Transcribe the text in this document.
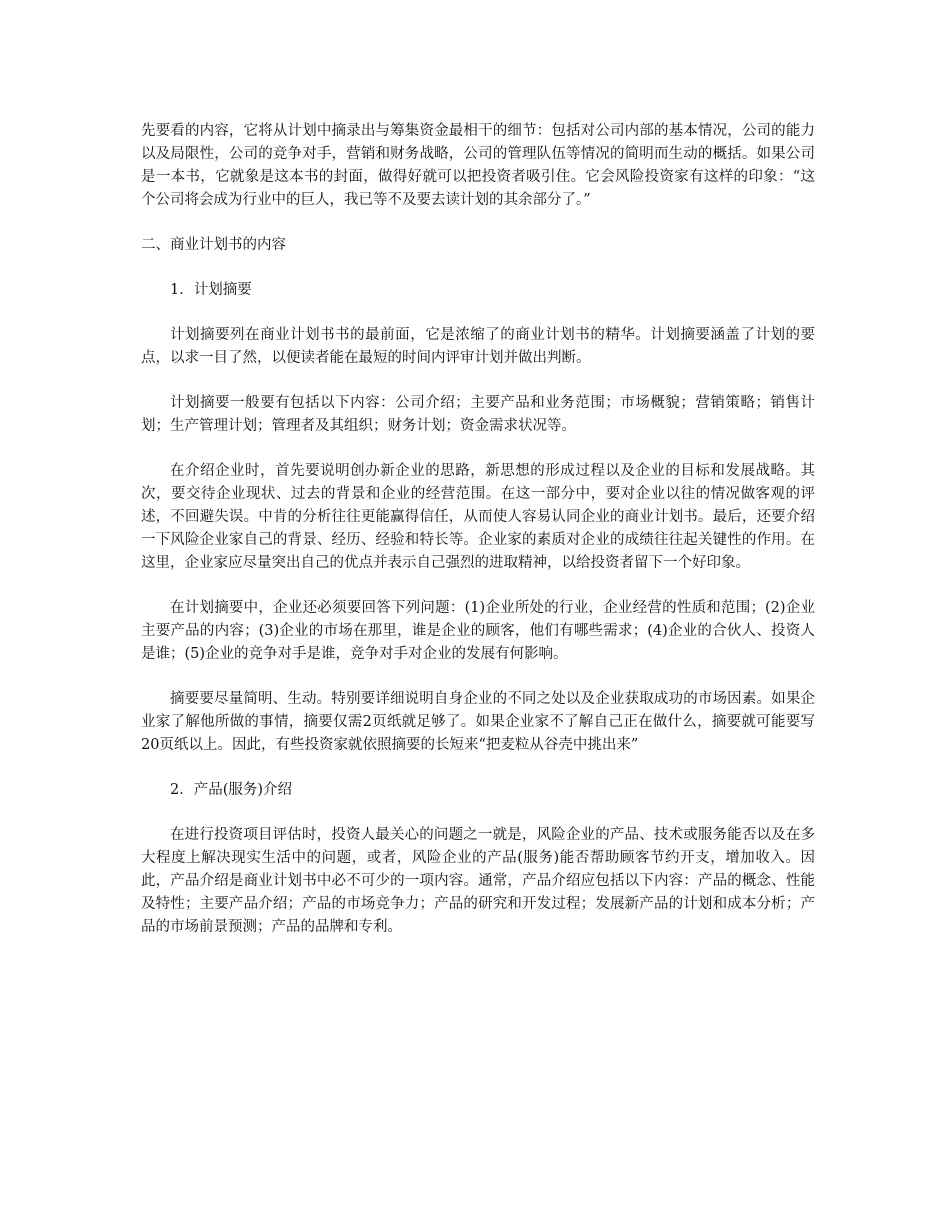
先要看的内容，它将从计划中摘录出与筹集资金最相干的细节：包括对公司内部的基本情况，公司的能力以及局限性，公司的竞争对手，营销和财务战略，公司的管理队伍等情况的简明而生动的概括。如果公司是一本书，它就象是这本书的封面，做得好就可以把投资者吸引住。它会风险投资家有这样的印象：“这个公司将会成为行业中的巨人，我已等不及要去读计划的其余部分了。”

二、商业计划书的内容

1．计划摘要

计划摘要列在商业计划书书的最前面，它是浓缩了的商业计划书的精华。计划摘要涵盖了计划的要点，以求一目了然，以便读者能在最短的时间内评审计划并做出判断。

计划摘要一般要有包括以下内容：公司介绍；主要产品和业务范围；市场概貌；营销策略；销售计划；生产管理计划；管理者及其组织；财务计划；资金需求状况等。

在介绍企业时，首先要说明创办新企业的思路，新思想的形成过程以及企业的目标和发展战略。其次，要交待企业现状、过去的背景和企业的经营范围。在这一部分中，要对企业以往的情况做客观的评述，不回避失误。中肯的分析往往更能赢得信任，从而使人容易认同企业的商业计划书。最后，还要介绍一下风险企业家自己的背景、经历、经验和特长等。企业家的素质对企业的成绩往往起关键性的作用。在这里，企业家应尽量突出自己的优点并表示自己强烈的进取精神，以给投资者留下一个好印象。

在计划摘要中，企业还必须要回答下列问题：(1)企业所处的行业，企业经营的性质和范围；(2)企业主要产品的内容；(3)企业的市场在那里，谁是企业的顾客，他们有哪些需求；(4)企业的合伙人、投资人是谁；(5)企业的竞争对手是谁，竞争对手对企业的发展有何影响。

摘要要尽量简明、生动。特别要详细说明自身企业的不同之处以及企业获取成功的市场因素。如果企业家了解他所做的事情，摘要仅需2页纸就足够了。如果企业家不了解自己正在做什么，摘要就可能要写20页纸以上。因此，有些投资家就依照摘要的长短来“把麦粒从谷壳中挑出来”

2．产品(服务)介绍

在进行投资项目评估时，投资人最关心的问题之一就是，风险企业的产品、技术或服务能否以及在多大程度上解决现实生活中的问题，或者，风险企业的产品(服务)能否帮助顾客节约开支，增加收入。因此，产品介绍是商业计划书中必不可少的一项内容。通常，产品介绍应包括以下内容：产品的概念、性能及特性；主要产品介绍；产品的市场竞争力；产品的研究和开发过程；发展新产品的计划和成本分析；产品的市场前景预测；产品的品牌和专利。
